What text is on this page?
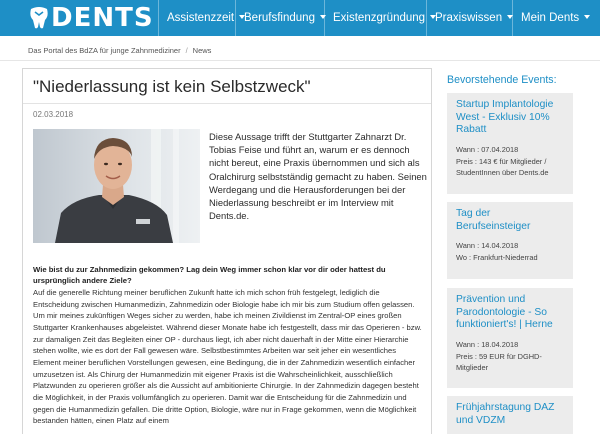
DENTS	Assistenzzeit Berufsfindung	Existenzgründung Praxiswissen	Mein Dents
Das Portal des BdZA für junge Zahnmediziner / News
"Niederlassung ist kein Selbstzweck"
02.03.2018
Diese Aussage trifft der Stuttgarter Zahnarzt Dr. Tobias Feise und führt an, warum er es dennoch nicht bereut, eine Praxis übernommen und sich als Oralchirurg selbstständig gemacht zu haben. Seinen Werdegang und die Herausforderungen bei der Niederlassung beschreibt er im Interview mit Dents.de.
Wie bist du zur Zahnmedizin gekommen? Lag dein Weg immer schon klar vor dir oder hattest du ursprünglich andere Ziele?
Auf die generelle Richtung meiner beruflichen Zukunft hatte ich mich schon früh festgelegt, lediglich die Entscheidung zwischen Humanmedizin, Zahnmedizin oder Biologie habe ich mir bis zum Studium offen gelassen. Um mir meines zukünftigen Weges sicher zu werden, habe ich meinen Zivildienst im Zentral-OP eines großen Stuttgarter Krankenhauses abgeleistet. Während dieser Monate habe ich festgestellt, dass mir das Operieren - bzw. zur damaligen Zeit das Begleiten einer OP - durchaus liegt, ich aber nicht dauerhaft in der Mitte einer Hierarchie stehen wollte, wie es dort der Fall gewesen wäre. Selbstbestimmtes Arbeiten war seit jeher ein wesentliches Element meiner beruflichen Vorstellungen gewesen, eine Bedingung, die in der Zahnmedizin wesentlich einfacher umzusetzen ist. Als Chirurg der Humanmedizin mit eigener Praxis ist die Wahrscheinlichkeit, ausschließlich Platzwunden zu operieren größer als die Aussicht auf ambitionierte Chirurgie. In der Zahnmedizin dagegen besteht die Möglichkeit, in der Praxis vollumfänglich zu operieren. Damit war die Entscheidung für die Zahnmedizin und gegen die Humanmedizin gefallen. Die dritte Option, Biologie, wäre nur in Frage gekommen, wenn die Möglichkeit bestanden hätten, einen Platz auf einem
Bevorstehende Events:
Startup Implantologie West - Exklusiv 10% Rabatt
Wann : 07.04.2018
Preis : 143 € für Mitglieder / StudentInnen über Dents.de
Tag der Berufseinsteiger
Wann : 14.04.2018
Wo : Frankfurt-Niederrad
Prävention und Parodontologie - So funktioniert's! | Herne
Wann : 18.04.2018
Preis : 59 EUR für DGHD-Mitglieder
Frühjahrstagung DAZ und VDZM
